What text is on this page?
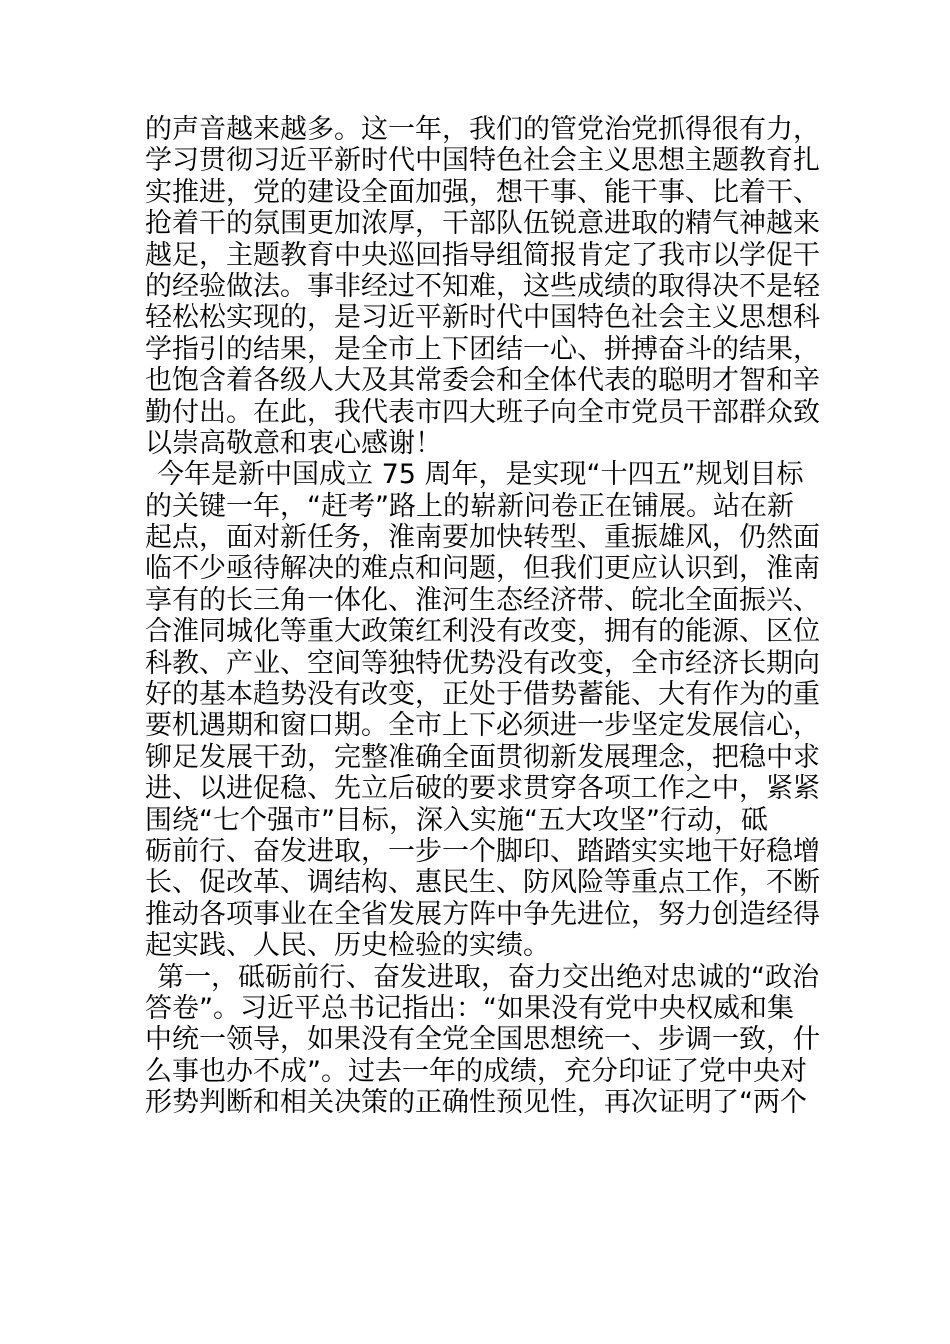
的声音越来越多。这一年，我们的管党治党抓得很有力，
学习贯彻习近平新时代中国特色社会主义思想主题教育扎
实推进，党的建设全面加强，想干事、能干事、比着干、
抢着干的氛围更加浓厚，干部队伍锐意进取的精气神越来
越足，主题教育中央巡回指导组简报肯定了我市以学促干
的经验做法。事非经过不知难，这些成绩的取得决不是轻
轻松松实现的，是习近平新时代中国特色社会主义思想科
学指引的结果，是全市上下团结一心、拼搏奋斗的结果，
也饱含着各级人大及其常委会和全体代表的聪明才智和辛
勤付出。在此，我代表市四大班子向全市党员干部群众致
以崇高敬意和衷心感谢！
今年是新中国成立 75 周年，是实现“十四五”规划目标
的关键一年，“赶考”路上的崭新问卷正在铺展。站在新
起点，面对新任务，淮南要加快转型、重振雄风，仍然面
临不少亟待解决的难点和问题，但我们更应认识到，淮南
享有的长三角一体化、淮河生态经济带、皖北全面振兴、
合淮同城化等重大政策红利没有改变，拥有的能源、区位
科教、产业、空间等独特优势没有改变，全市经济长期向
好的基本趋势没有改变，正处于借势蓄能、大有作为的重
要机遇期和窗口期。全市上下必须进一步坚定发展信心，
铆足发展干劲，完整准确全面贯彻新发展理念，把稳中求
进、以进促稳、先立后破的要求贯穿各项工作之中，紧紧
围绕“七个强市”目标，深入实施“五大攻坚”行动，砥
砺前行、奋发进取，一步一个脚印、踏踏实实地干好稳增
长、促改革、调结构、惠民生、防风险等重点工作，不断
推动各项事业在全省发展方阵中争先进位，努力创造经得
起实践、人民、历史检验的实绩。
第一，砥砺前行、奋发进取，奋力交出绝对忠诚的“政治
答卷”。习近平总书记指出：“如果没有党中央权威和集
中统一领导，如果没有全党全国思想统一、步调一致，什
么事也办不成”。过去一年的成绩，充分印证了党中央对
形势判断和相关决策的正确性预见性，再次证明了“两个
